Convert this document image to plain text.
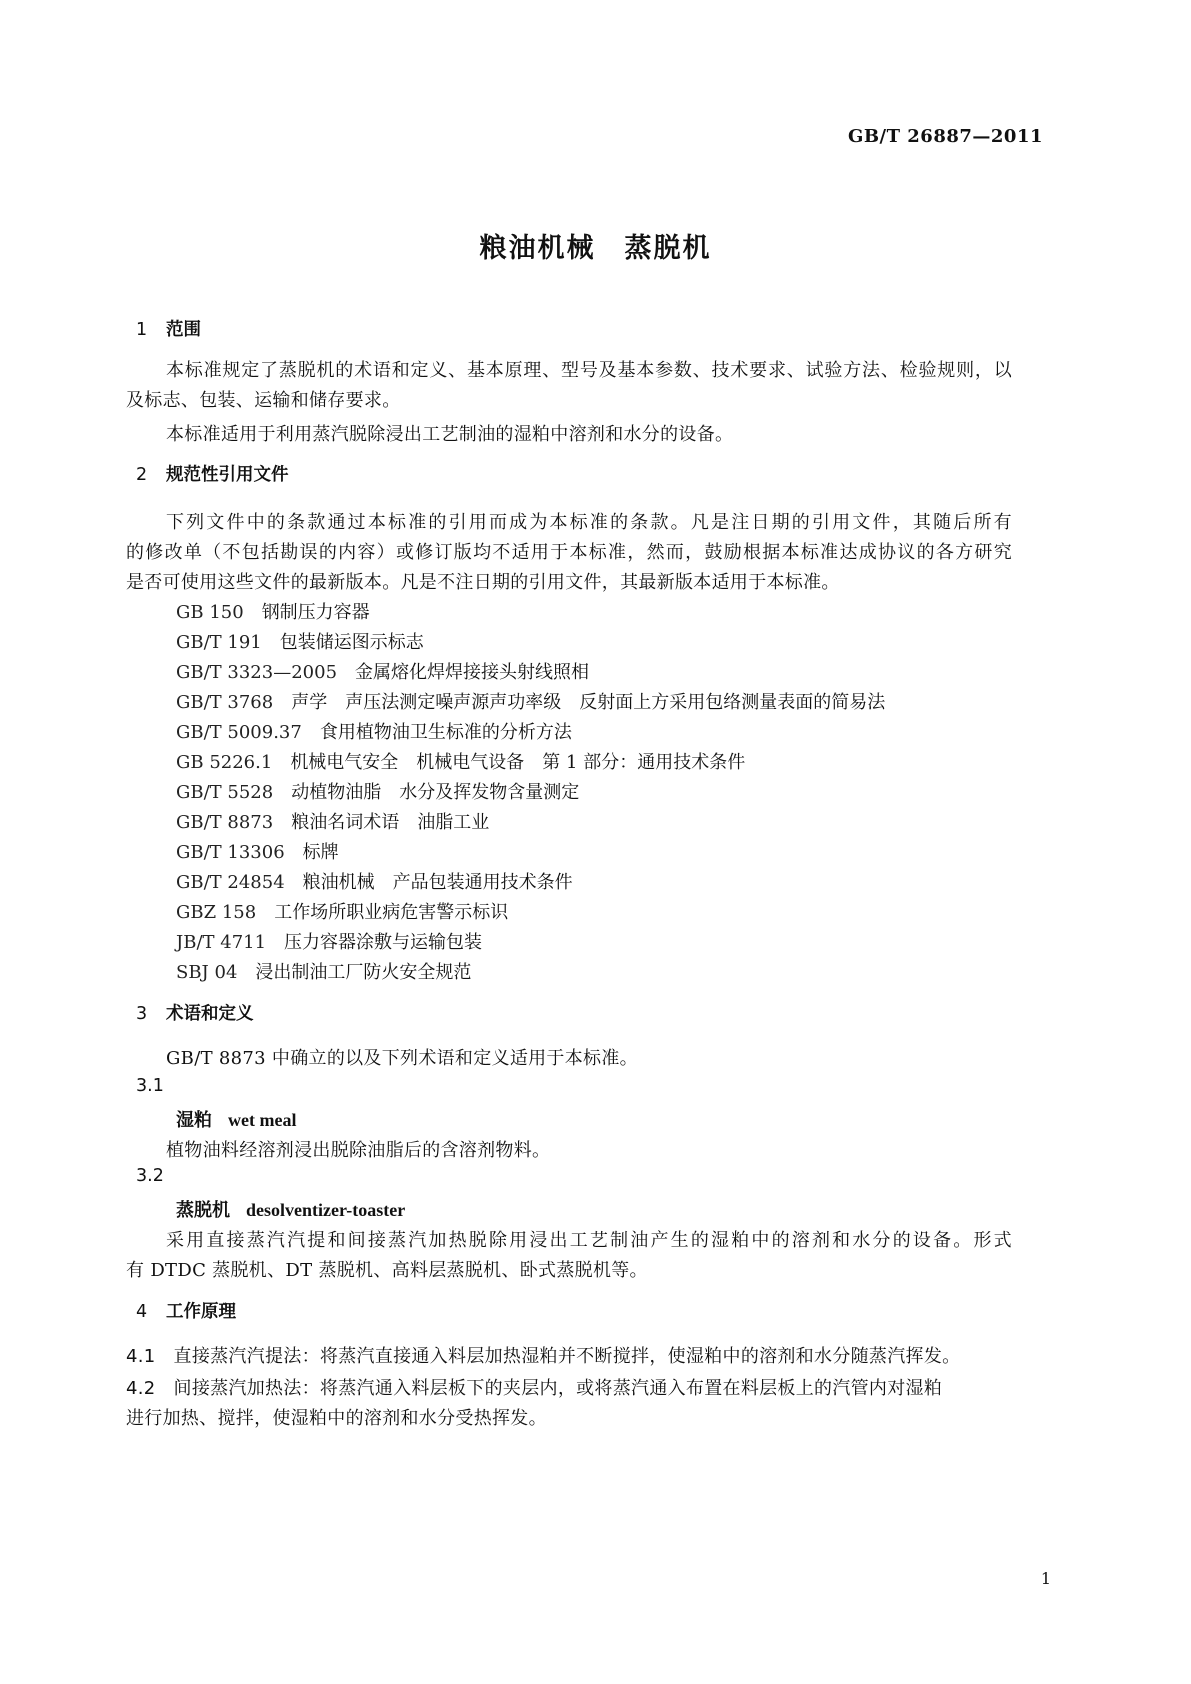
GB/T 26887—2011
粮油机械　蒸脱机
1 范围
本标准规定了蒸脱机的术语和定义、基本原理、型号及基本参数、技术要求、试验方法、检验规则，以
及标志、包装、运输和储存要求。
本标准适用于利用蒸汽脱除浸出工艺制油的湿粕中溶剂和水分的设备。
2 规范性引用文件
下列文件中的条款通过本标准的引用而成为本标准的条款。凡是注日期的引用文件，其随后所有
的修改单（不包括勘误的内容）或修订版均不适用于本标准，然而，鼓励根据本标准达成协议的各方研究
是否可使用这些文件的最新版本。凡是不注日期的引用文件，其最新版本适用于本标准。
GB 150 钢制压力容器
GB/T 191 包装储运图示标志
GB/T 3323—2005 金属熔化焊焊接接头射线照相
GB/T 3768 声学　声压法测定噪声源声功率级　反射面上方采用包络测量表面的简易法
GB/T 5009.37 食用植物油卫生标准的分析方法
GB 5226.1 机械电气安全　机械电气设备　第 1 部分：通用技术条件
GB/T 5528 动植物油脂　水分及挥发物含量测定
GB/T 8873 粮油名词术语　油脂工业
GB/T 13306 标牌
GB/T 24854 粮油机械　产品包装通用技术条件
GBZ 158 工作场所职业病危害警示标识
JB/T 4711 压力容器涂敷与运输包装
SBJ 04 浸出制油工厂防火安全规范
3 术语和定义
GB/T 8873 中确立的以及下列术语和定义适用于本标准。
3.1
湿粕 wet meal
植物油料经溶剂浸出脱除油脂后的含溶剂物料。
3.2
蒸脱机 desolventizer-toaster
采用直接蒸汽汽提和间接蒸汽加热脱除用浸出工艺制油产生的湿粕中的溶剂和水分的设备。形式
有 DTDC 蒸脱机、DT 蒸脱机、高料层蒸脱机、卧式蒸脱机等。
4 工作原理
4.1 直接蒸汽汽提法：将蒸汽直接通入料层加热湿粕并不断搅拌，使湿粕中的溶剂和水分随蒸汽挥发。
4.2 间接蒸汽加热法：将蒸汽通入料层板下的夹层内，或将蒸汽通入布置在料层板上的汽管内对湿粕
进行加热、搅拌，使湿粕中的溶剂和水分受热挥发。
1
